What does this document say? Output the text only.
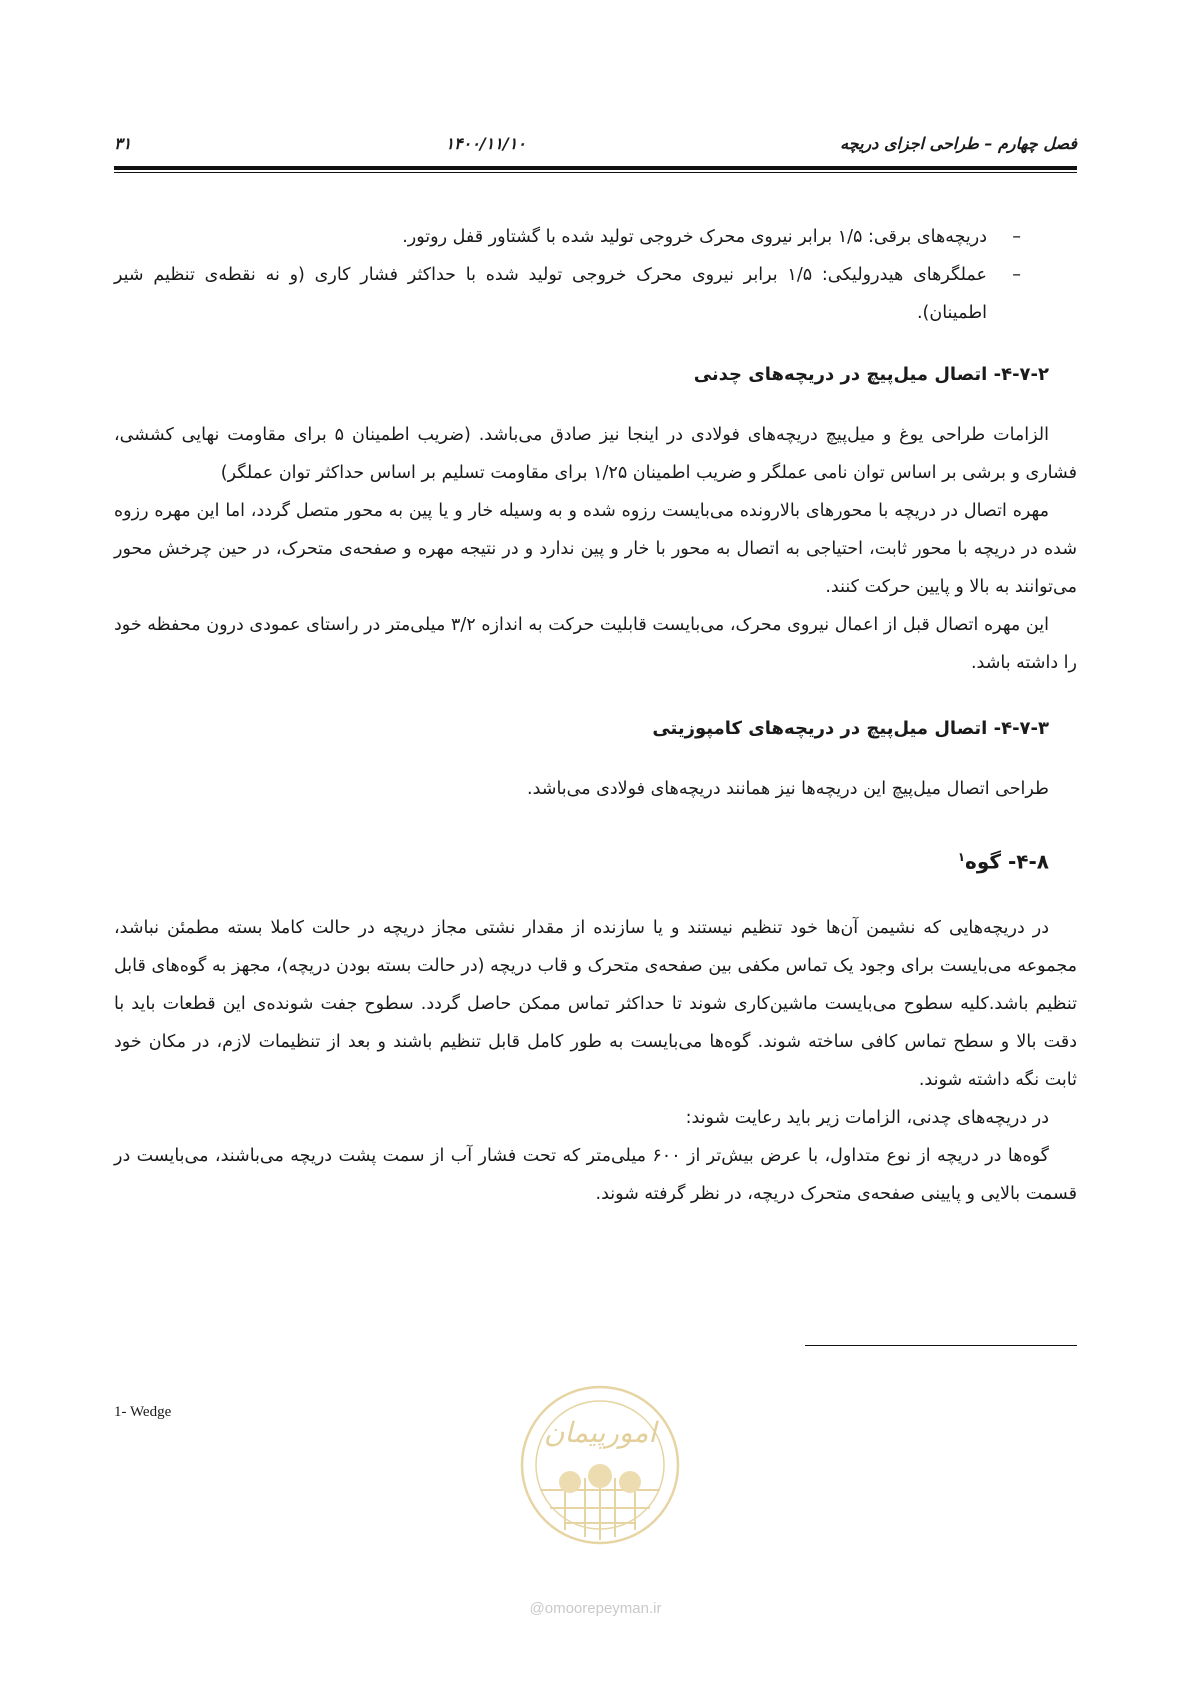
فصل چهارم – طراحی اجزای دریچه
۱۴۰۰/۱۱/۱۰
۳۱

–
دریچه‌های برقی: ۱/۵ برابر نیروی محرک خروجی تولید شده با گشتاور قفل روتور.

–
عملگرهای هیدرولیکی: ۱/۵ برابر نیروی محرک خروجی تولید شده با حداکثر فشار کاری (و نه نقطه‌ی تنظیم شیر اطمینان).

۴-۷-۲- اتصال میل‌پیچ در دریچه‌های چدنی

الزامات طراحی یوغ و میل‌پیچ دریچه‌های فولادی در اینجا نیز صادق می‌باشد. (ضریب اطمینان ۵ برای مقاومت نهایی کششی، فشاری و برشی بر اساس توان نامی عملگر و ضریب اطمینان ۱/۲۵ برای مقاومت تسلیم بر اساس حداکثر توان عملگر)

مهره اتصال در دریچه با محورهای بالارونده می‌بایست رزوه شده و به وسیله خار و یا پین به محور متصل گردد، اما این مهره رزوه شده در دریچه با محور ثابت، احتیاجی به اتصال به محور با خار و پین ندارد و در نتیجه مهره و صفحه‌ی متحرک، در حین چرخش محور می‌توانند به بالا و پایین حرکت کنند.

این مهره اتصال قبل از اعمال نیروی محرک، می‌بایست قابلیت حرکت به اندازه ۳/۲ میلی‌متر در راستای عمودی درون محفظه خود را داشته باشد.

۴-۷-۳- اتصال میل‌پیچ در دریچه‌های کامپوزیتی

طراحی اتصال میل‌پیچ این دریچه‌ها نیز همانند دریچه‌های فولادی می‌باشد.

۴-۸- گوه$^۱$

در دریچه‌هایی که نشیمن آن‌ها خود تنظیم نیستند و یا سازنده از مقدار نشتی مجاز دریچه در حالت کاملا بسته مطمئن نباشد، مجموعه می‌بایست برای وجود یک تماس مکفی بین صفحه‌ی متحرک و قاب دریچه (در حالت بسته بودن دریچه)، مجهز به گوه‌های قابل تنظیم باشد.کلیه سطوح می‌بایست ماشین‌کاری شوند تا حداکثر تماس ممکن حاصل گردد. سطوح جفت شونده‌ی این قطعات باید با دقت بالا و سطح تماس کافی ساخته شوند. گوه‌ها می‌بایست به طور کامل قابل تنظیم باشند و بعد از تنظیمات لازم، در مکان خود ثابت نگه داشته شوند.

در دریچه‌های چدنی، الزامات زیر باید رعایت شوند:

گوه‌ها در دریچه از نوع متداول، با عرض بیش‌تر از ۶۰۰ میلی‌متر که تحت فشار آب از سمت پشت دریچه می‌باشند، می‌بایست در قسمت بالایی و پایینی صفحه‌ی متحرک دریچه، در نظر گرفته شوند.

1- Wedge
امورپیمان
@omoorepeyman.ir
